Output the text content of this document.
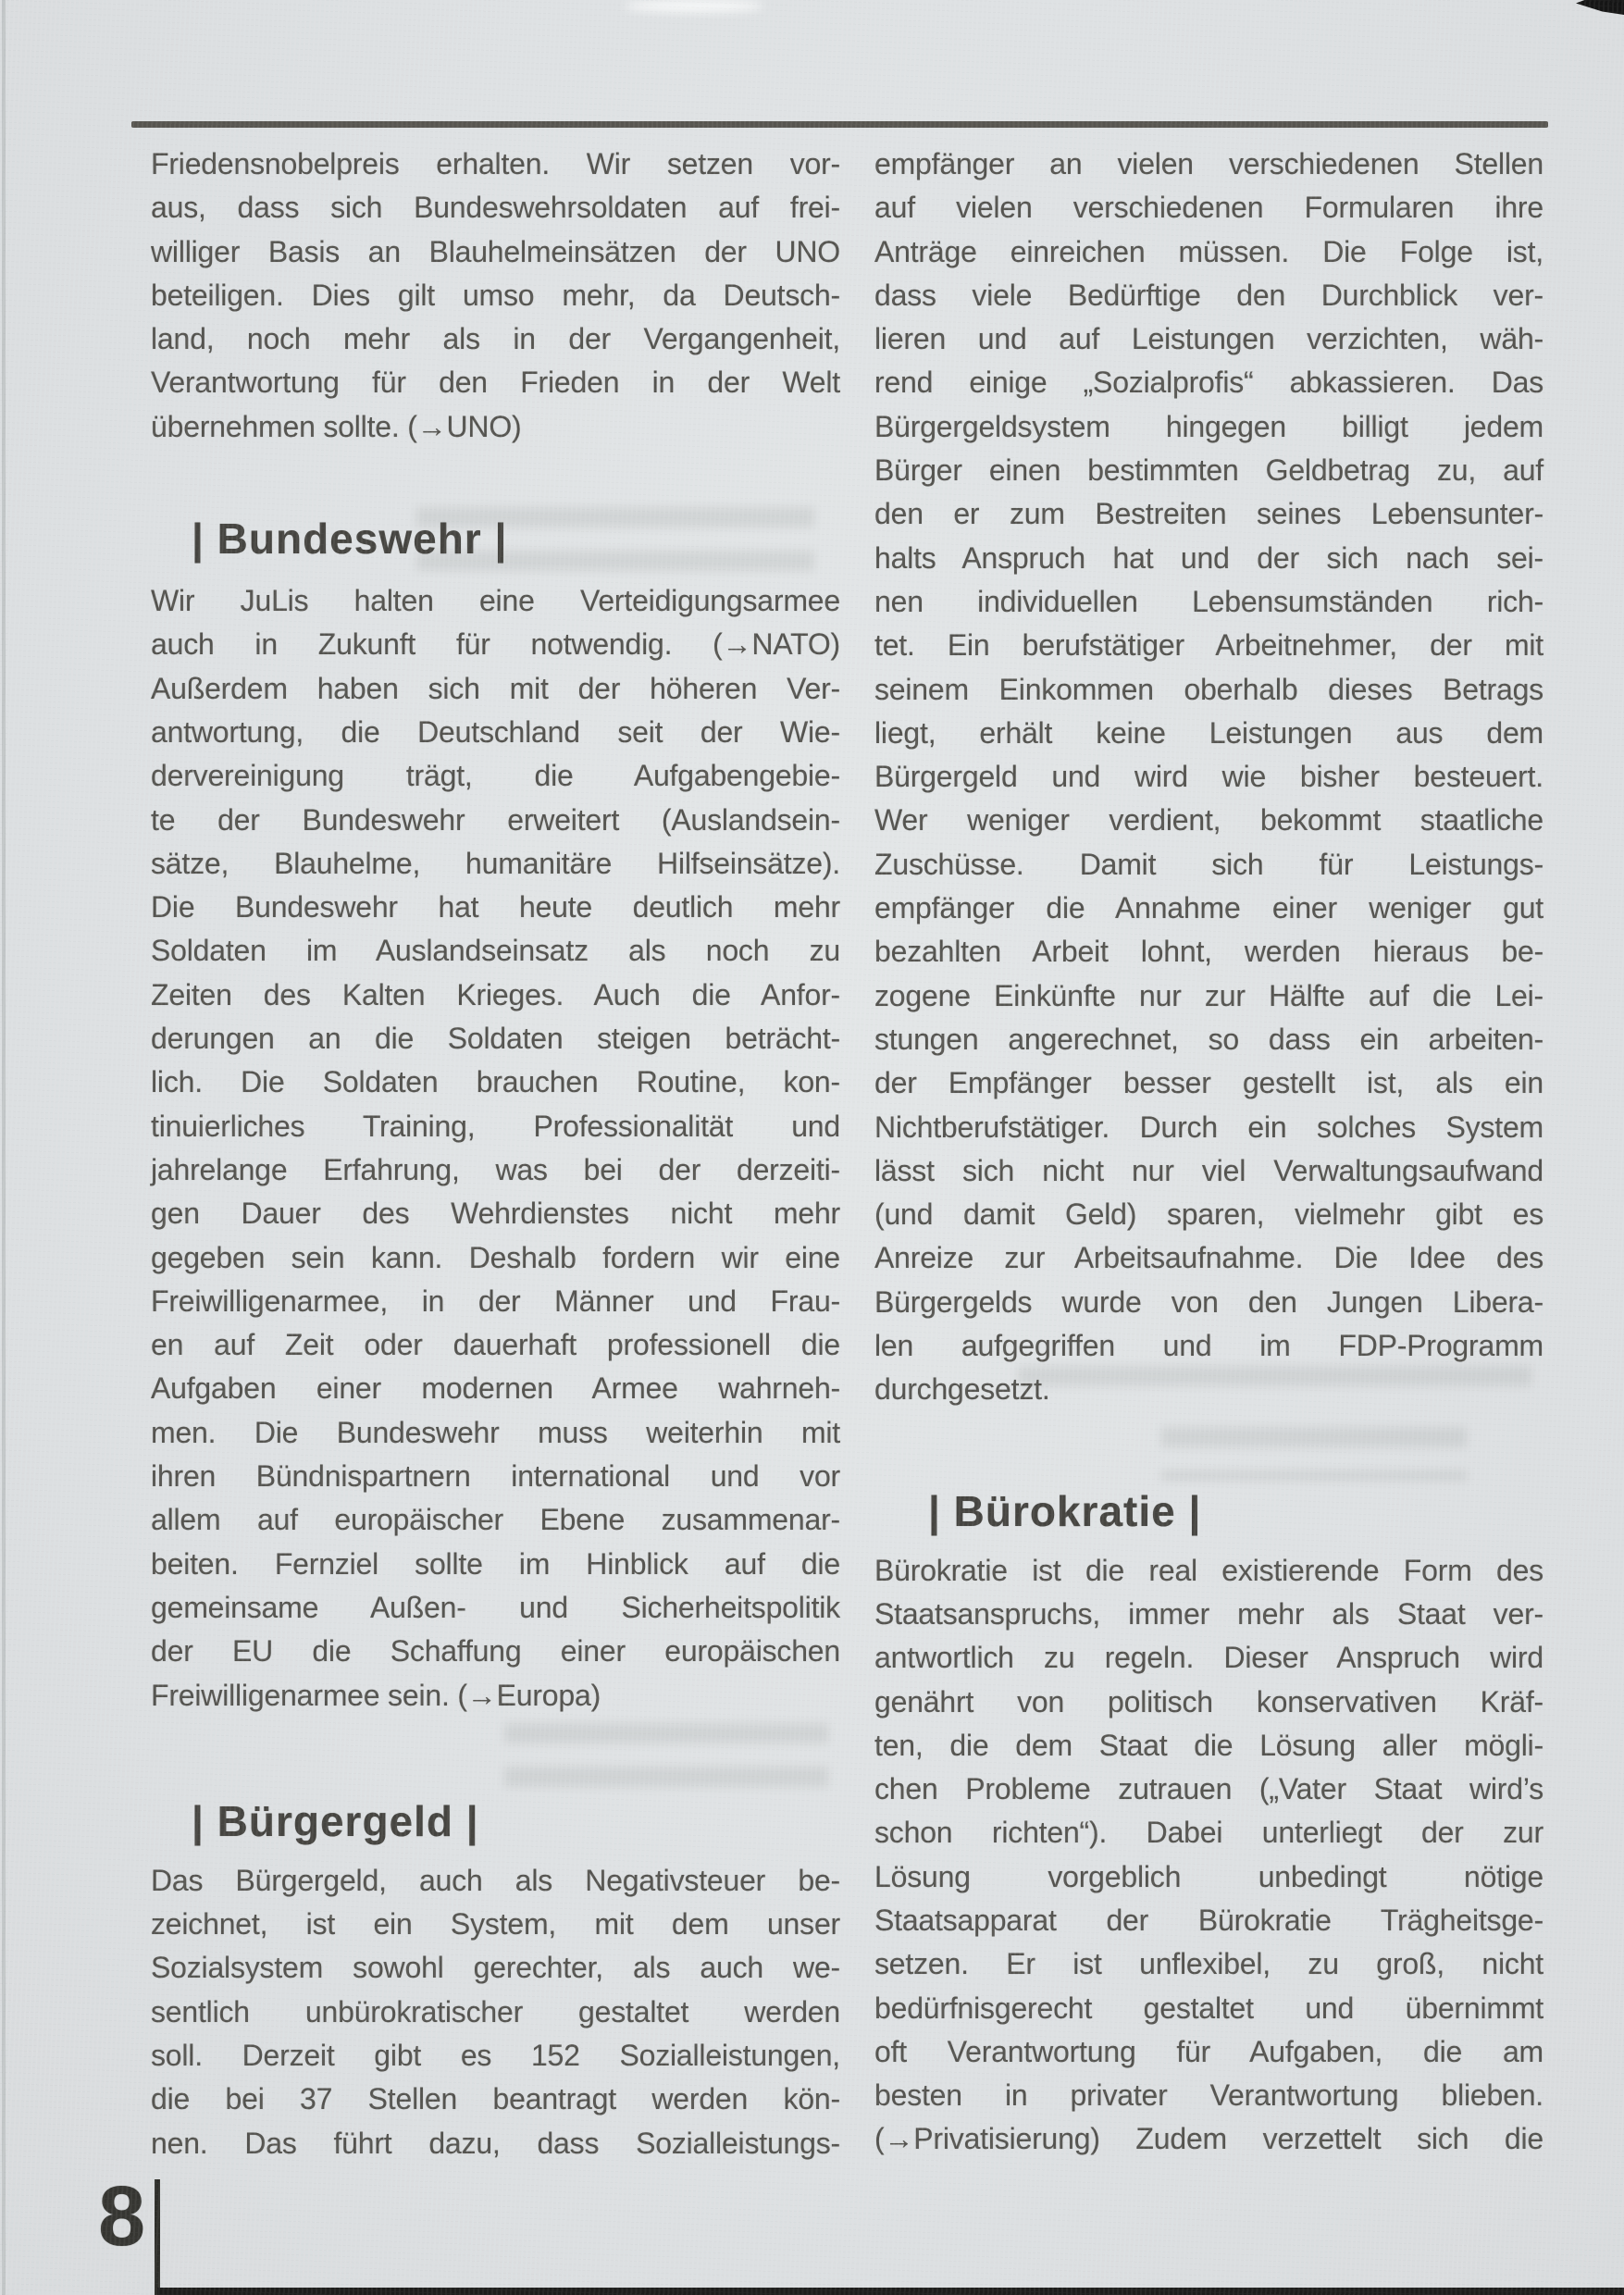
Friedensnobelpreis erhalten. Wir setzen vor-
aus, dass sich Bundeswehrsoldaten auf frei-
williger Basis an Blauhelmeinsätzen der UNO
beteiligen. Dies gilt umso mehr, da Deutsch-
land, noch mehr als in der Vergangenheit,
Verantwortung für den Frieden in der Welt
übernehmen sollte. (→UNO)
| Bundeswehr |
Wir JuLis halten eine Verteidigungsarmee
auch in Zukunft für notwendig. (→NATO)
Außerdem haben sich mit der höheren Ver-
antwortung, die Deutschland seit der Wie-
dervereinigung trägt, die Aufgabengebie-
te der Bundeswehr erweitert (Auslandsein-
sätze, Blauhelme, humanitäre Hilfseinsätze).
Die Bundeswehr hat heute deutlich mehr
Soldaten im Auslandseinsatz als noch zu
Zeiten des Kalten Krieges. Auch die Anfor-
derungen an die Soldaten steigen beträcht-
lich. Die Soldaten brauchen Routine, kon-
tinuierliches Training, Professionalität und
jahrelange Erfahrung, was bei der derzeiti-
gen Dauer des Wehrdienstes nicht mehr
gegeben sein kann. Deshalb fordern wir eine
Freiwilligenarmee, in der Männer und Frau-
en auf Zeit oder dauerhaft professionell die
Aufgaben einer modernen Armee wahrneh-
men. Die Bundeswehr muss weiterhin mit
ihren Bündnispartnern international und vor
allem auf europäischer Ebene zusammenar-
beiten. Fernziel sollte im Hinblick auf die
gemeinsame Außen- und Sicherheitspolitik
der EU die Schaffung einer europäischen
Freiwilligenarmee sein. (→Europa)
| Bürgergeld |
Das Bürgergeld, auch als Negativsteuer be-
zeichnet, ist ein System, mit dem unser
Sozialsystem sowohl gerechter, als auch we-
sentlich unbürokratischer gestaltet werden
soll. Derzeit gibt es 152 Sozialleistungen,
die bei 37 Stellen beantragt werden kön-
nen. Das führt dazu, dass Sozialleistungs-
empfänger an vielen verschiedenen Stellen
auf vielen verschiedenen Formularen ihre
Anträge einreichen müssen. Die Folge ist,
dass viele Bedürftige den Durchblick ver-
lieren und auf Leistungen verzichten, wäh-
rend einige „Sozialprofis“ abkassieren. Das
Bürgergeldsystem hingegen billigt jedem
Bürger einen bestimmten Geldbetrag zu, auf
den er zum Bestreiten seines Lebensunter-
halts Anspruch hat und der sich nach sei-
nen individuellen Lebensumständen rich-
tet. Ein berufstätiger Arbeitnehmer, der mit
seinem Einkommen oberhalb dieses Betrags
liegt, erhält keine Leistungen aus dem
Bürgergeld und wird wie bisher besteuert.
Wer weniger verdient, bekommt staatliche
Zuschüsse. Damit sich für Leistungs-
empfänger die Annahme einer weniger gut
bezahlten Arbeit lohnt, werden hieraus be-
zogene Einkünfte nur zur Hälfte auf die Lei-
stungen angerechnet, so dass ein arbeiten-
der Empfänger besser gestellt ist, als ein
Nichtberufstätiger. Durch ein solches System
lässt sich nicht nur viel Verwaltungsaufwand
(und damit Geld) sparen, vielmehr gibt es
Anreize zur Arbeitsaufnahme. Die Idee des
Bürgergelds wurde von den Jungen Libera-
len aufgegriffen und im FDP-Programm
durchgesetzt.
| Bürokratie |
Bürokratie ist die real existierende Form des
Staatsanspruchs, immer mehr als Staat ver-
antwortlich zu regeln. Dieser Anspruch wird
genährt von politisch konservativen Kräf-
ten, die dem Staat die Lösung aller mögli-
chen Probleme zutrauen („Vater Staat wird’s
schon richten“). Dabei unterliegt der zur
Lösung vorgeblich unbedingt nötige
Staatsapparat der Bürokratie Trägheitsge-
setzen. Er ist unflexibel, zu groß, nicht
bedürfnisgerecht gestaltet und übernimmt
oft Verantwortung für Aufgaben, die am
besten in privater Verantwortung blieben.
(→Privatisierung) Zudem verzettelt sich die
8
